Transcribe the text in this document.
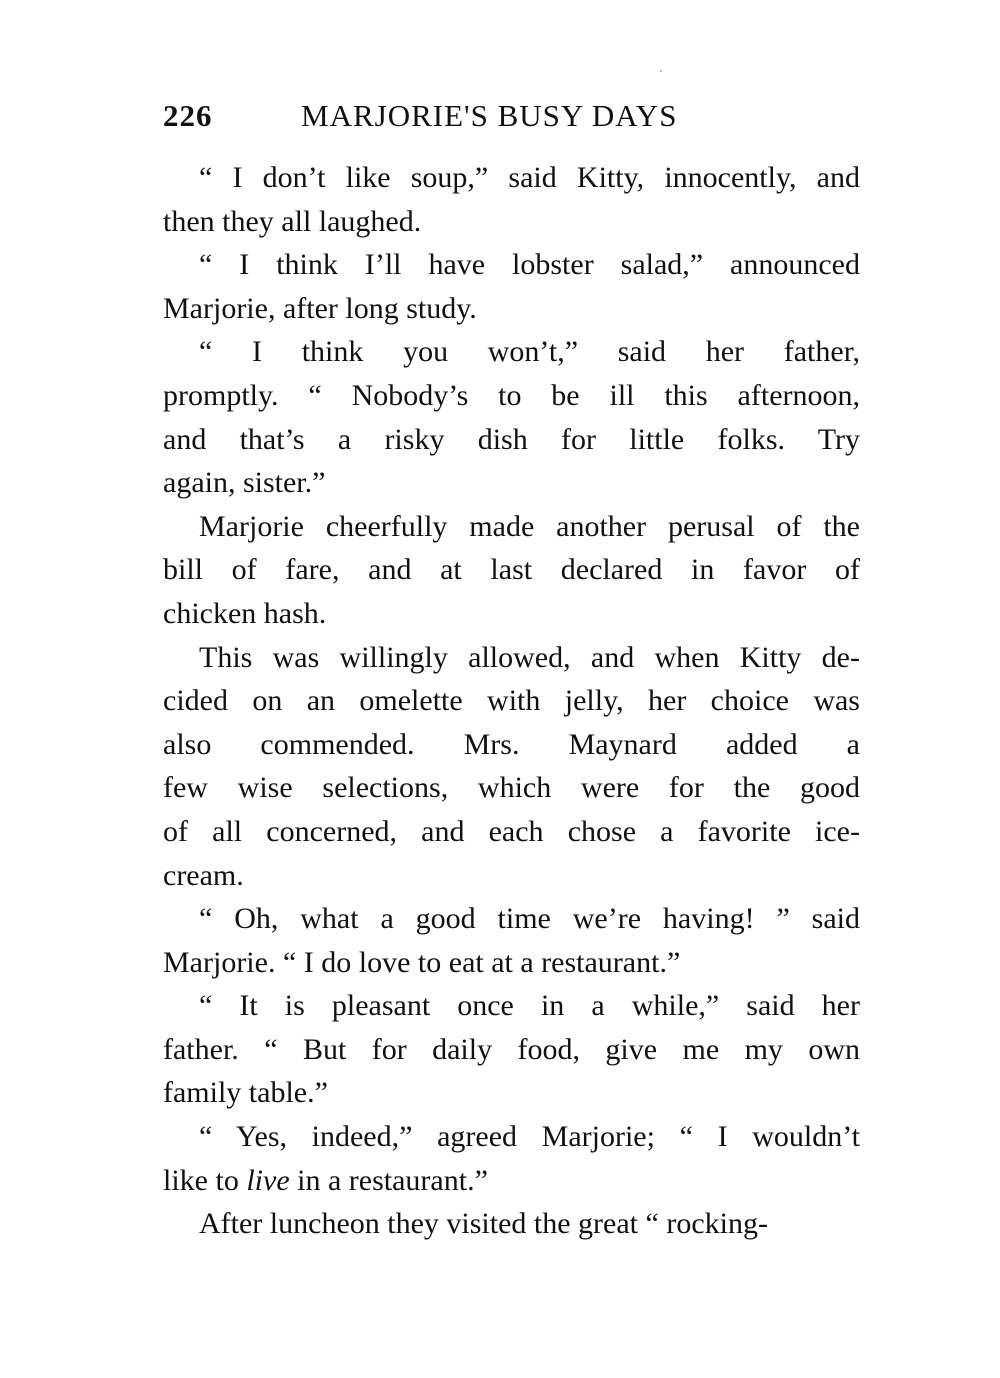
226	MARJORIE'S BUSY DAYS
“ I don’t like soup,” said Kitty, innocently, and
then they all laughed.
“ I think I’ll have lobster salad,” announced
Marjorie, after long study.
“ I think you won’t,” said her father,
promptly. “ Nobody’s to be ill this afternoon,
and that’s a risky dish for little folks. Try
again, sister.”
Marjorie cheerfully made another perusal of the
bill of fare, and at last declared in favor of
chicken hash.
This was willingly allowed, and when Kitty de-
cided on an omelette with jelly, her choice was
also commended. Mrs. Maynard added a
few wise selections, which were for the good
of all concerned, and each chose a favorite ice-
cream.
“ Oh, what a good time we’re having! ” said
Marjorie. “ I do love to eat at a restaurant.”
“ It is pleasant once in a while,” said her
father. “ But for daily food, give me my own
family table.”
“ Yes, indeed,” agreed Marjorie; “ I wouldn’t
like to live in a restaurant.”
After luncheon they visited the great “ rocking-
